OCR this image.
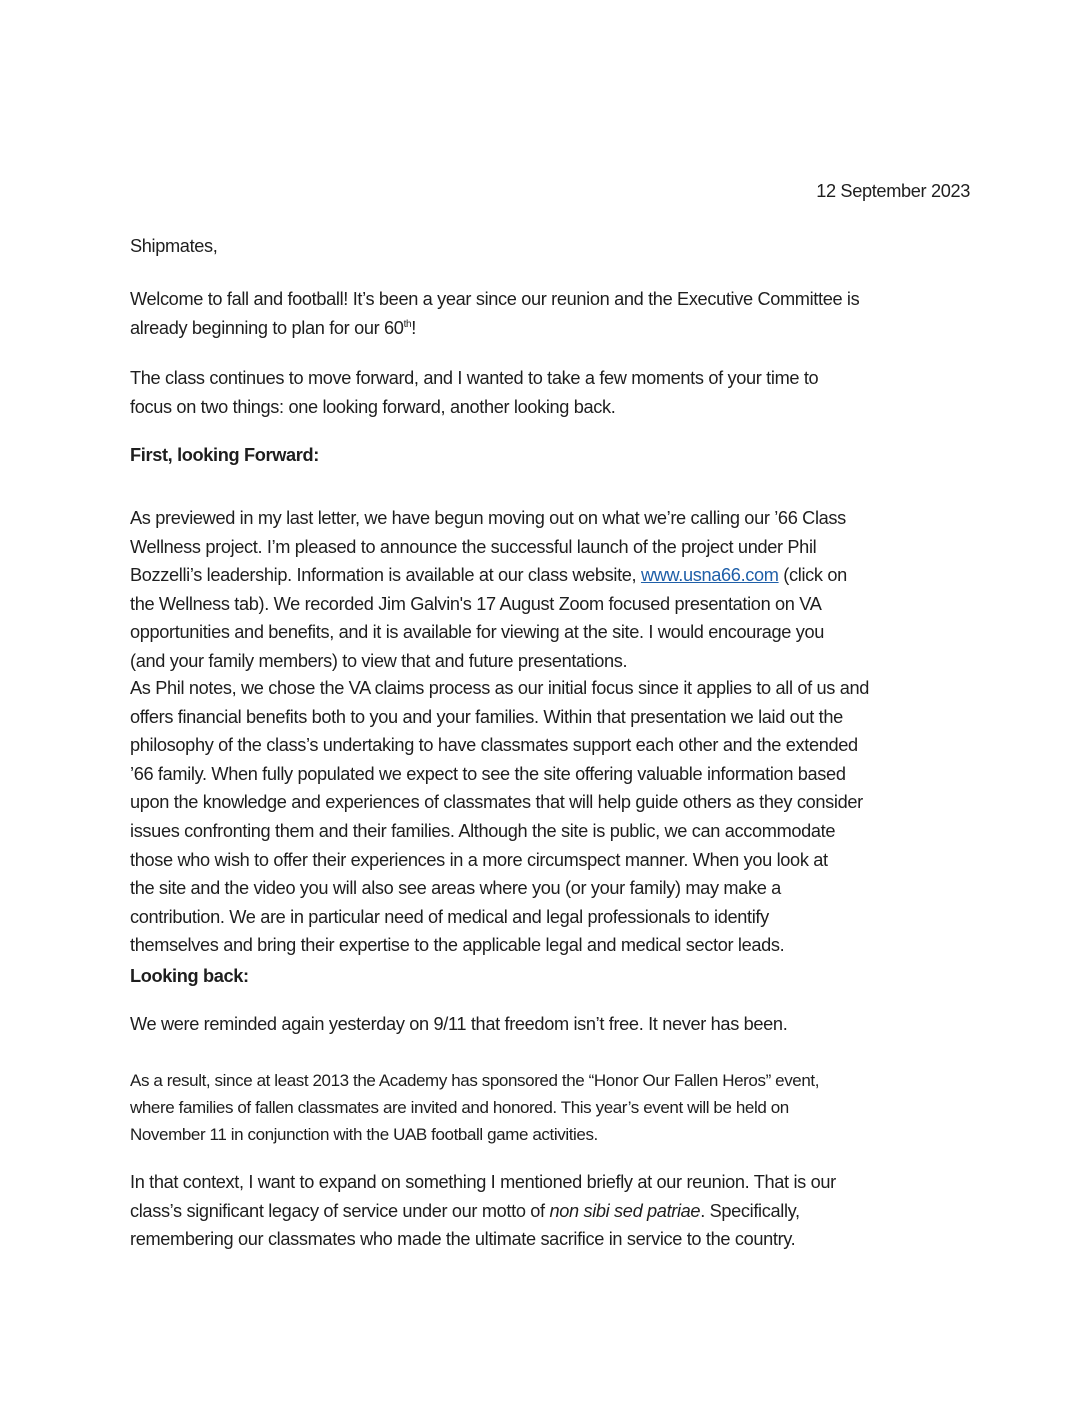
12 September 2023
Shipmates,
Welcome to fall and football! It’s been a year since our reunion and the Executive Committee is
already beginning to plan for our 60th!
The class continues to move forward, and I wanted to take a few moments of your time to
focus on two things: one looking forward, another looking back.
First, looking Forward:
As previewed in my last letter, we have begun moving out on what we’re calling our ’66 Class
Wellness project. I’m pleased to announce the successful launch of the project under Phil
Bozzelli’s leadership. Information is available at our class website, www.usna66.com (click on
the Wellness tab). We recorded Jim Galvin's 17 August Zoom focused presentation on VA
opportunities and benefits, and it is available for viewing at the site. I would encourage you
(and your family members) to view that and future presentations.
As Phil notes, we chose the VA claims process as our initial focus since it applies to all of us and
offers financial benefits both to you and your families. Within that presentation we laid out the
philosophy of the class’s undertaking to have classmates support each other and the extended
’66 family. When fully populated we expect to see the site offering valuable information based
upon the knowledge and experiences of classmates that will help guide others as they consider
issues confronting them and their families. Although the site is public, we can accommodate
those who wish to offer their experiences in a more circumspect manner. When you look at
the site and the video you will also see areas where you (or your family) may make a
contribution. We are in particular need of medical and legal professionals to identify
themselves and bring their expertise to the applicable legal and medical sector leads.
Looking back:
We were reminded again yesterday on 9/11 that freedom isn’t free. It never has been.
As a result, since at least 2013 the Academy has sponsored the “Honor Our Fallen Heros” event,
where families of fallen classmates are invited and honored. This year’s event will be held on
November 11 in conjunction with the UAB football game activities.
In that context, I want to expand on something I mentioned briefly at our reunion. That is our
class’s significant legacy of service under our motto of non sibi sed patriae. Specifically,
remembering our classmates who made the ultimate sacrifice in service to the country.
